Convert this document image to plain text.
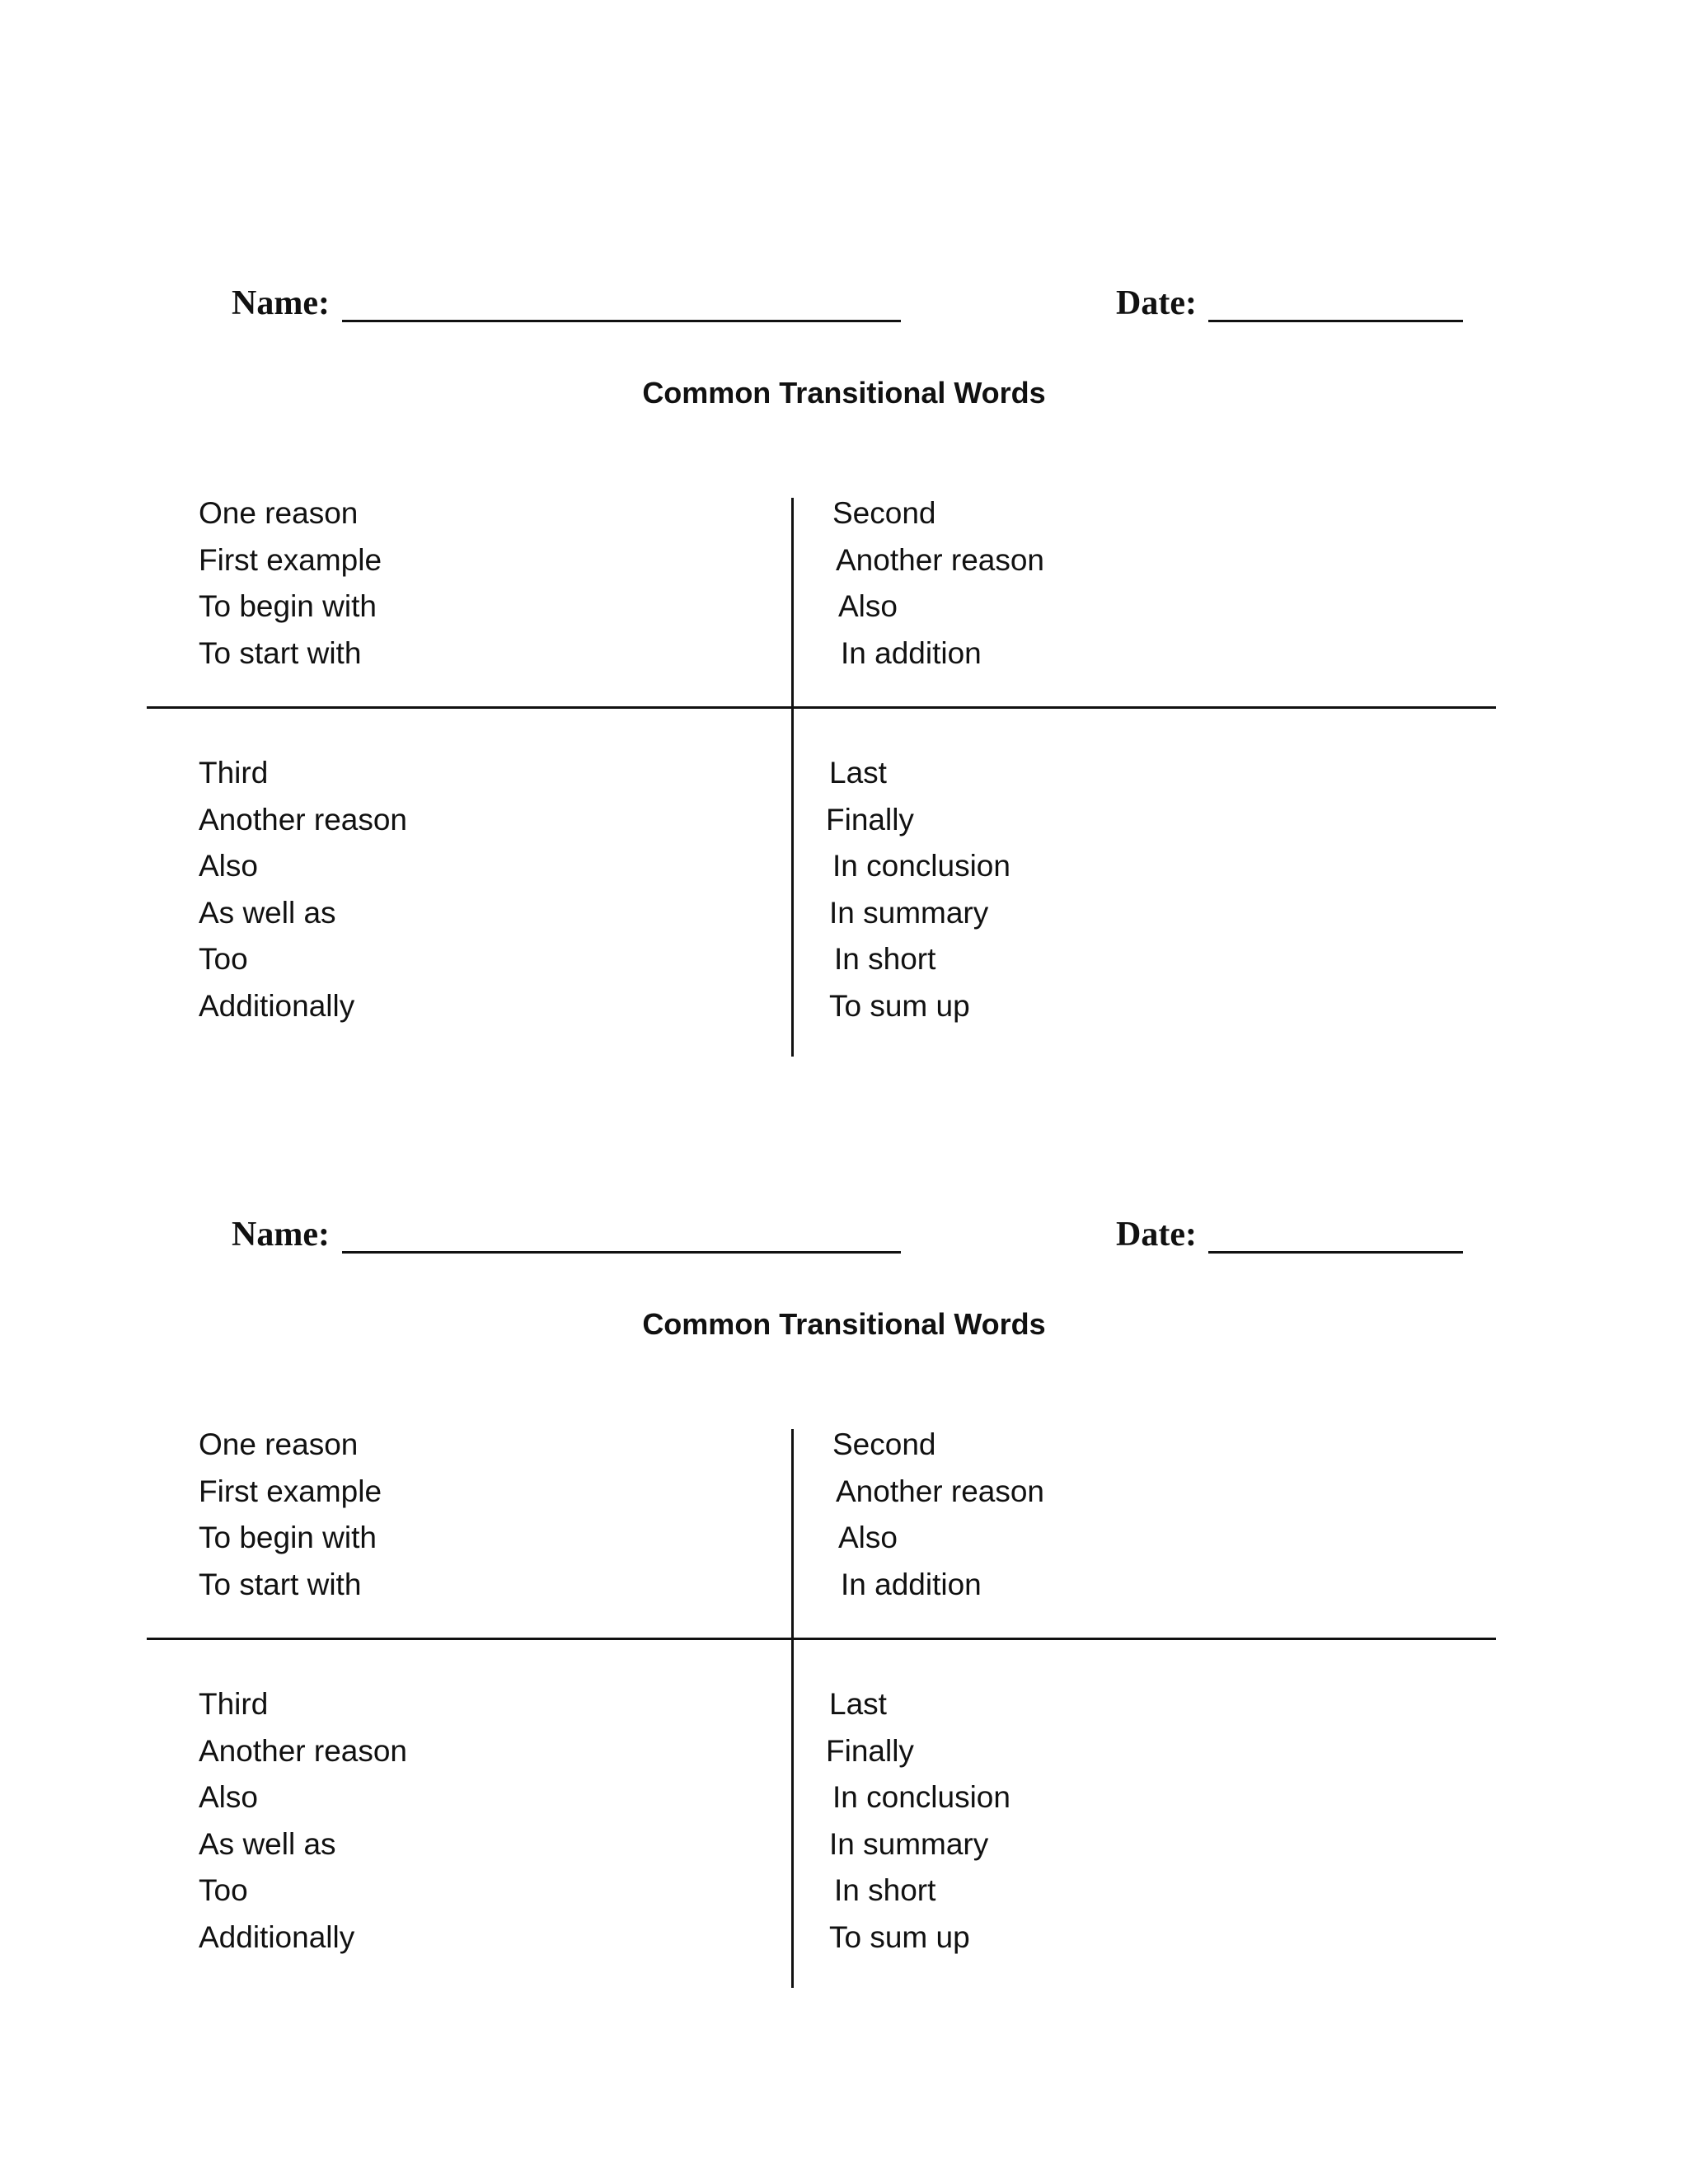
Name:	Date:
Common Transitional Words
One reason
First example
To begin with
To start with
Second
Another reason
Also
In addition
Third
Another reason
Also
As well as
Too
Additionally
Last
Finally
In conclusion
In summary
In short
To sum up
Name:	Date:
Common Transitional Words
One reason
First example
To begin with
To start with
Second
Another reason
Also
In addition
Third
Another reason
Also
As well as
Too
Additionally
Last
Finally
In conclusion
In summary
In short
To sum up
